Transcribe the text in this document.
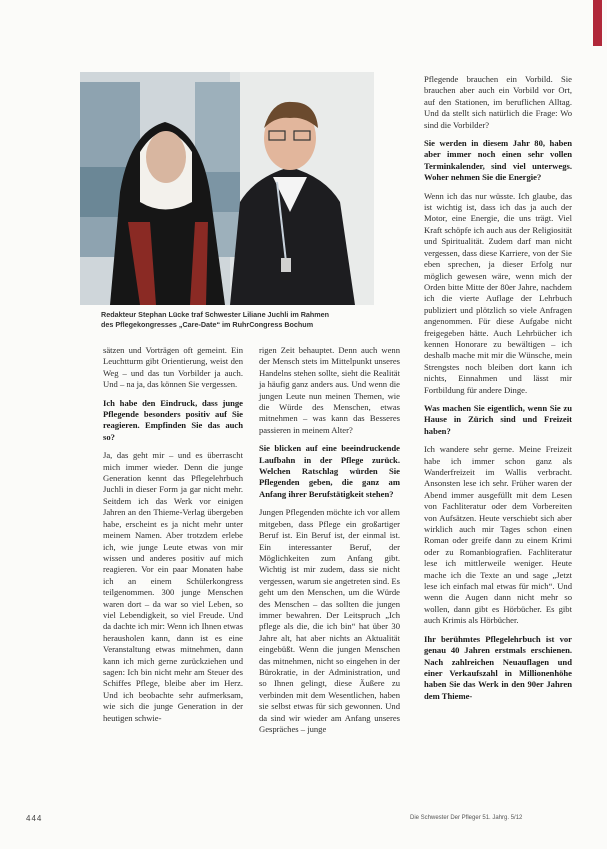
Redakteur Stephan Lücke traf Schwester Liliane Juchli im Rahmen
des Pflegekongresses „Care-Date“ im RuhrCongress Bochum

sätzen und Vorträgen oft gemeint. Ein Leuchtturm gibt Orientierung, weist den Weg – und das tun Vorbilder ja auch. Und – na ja, das können Sie vergessen.

Ich habe den Eindruck, dass junge Pflegende besonders positiv auf Sie reagieren. Empfinden Sie das auch so?

Ja, das geht mir – und es überrascht mich immer wieder. Denn die junge Generation kennt das Pflegelehrbuch Juchli in dieser Form ja gar nicht mehr. Seitdem ich das Werk vor einigen Jahren an den Thieme-Verlag übergeben habe, erscheint es ja nicht mehr unter meinem Namen. Aber trotzdem erlebe ich, wie junge Leute etwas von mir wissen und anderes positiv auf mich reagieren. Vor ein paar Monaten habe ich an einem Schülerkongress teilgenommen. 300 junge Menschen waren dort – da war so viel Leben, so viel Lebendigkeit, so viel Freude. Und da dachte ich mir: Wenn ich Ihnen etwas herausholen kann, dann ist es eine Veranstaltung etwas mitnehmen, dann kann ich mich gerne zurückziehen und sagen: Ich bin nicht mehr am Steuer des Schiffes Pflege, bleibe aber im Herz. Und ich beobachte sehr aufmerksam, wie sich die junge Generation in der heutigen schwie-

rigen Zeit behauptet. Denn auch wenn der Mensch stets im Mittelpunkt unseres Handelns stehen sollte, sieht die Realität ja häufig ganz anders aus. Und wenn die jungen Leute nun meinen Themen, wie die Würde des Menschen, etwas mitnehmen – was kann das Besseres passieren in meinem Alter?

Sie blicken auf eine beeindruckende Laufbahn in der Pflege zurück. Welchen Ratschlag würden Sie Pflegenden geben, die ganz am Anfang ihrer Berufstätigkeit stehen?

Jungen Pflegenden möchte ich vor allem mitgeben, dass Pflege ein großartiger Beruf ist. Ein Beruf ist, der einmal ist. Ein interessanter Beruf, der Möglichkeiten zum Anfang gibt. Wichtig ist mir zudem, dass sie nicht vergessen, warum sie angetreten sind. Es geht um den Menschen, um die Würde des Menschen – das sollten die jungen immer bewahren. Der Leitspruch „Ich pflege als die, die ich bin“ hat über 30 Jahre alt, hat aber nichts an Aktualität eingebüßt. Wenn die jungen Menschen das mitnehmen, nicht so eingehen in der Bürokratie, in der Administration, und so Ihnen gelingt, diese Äußere zu verbinden mit dem Wesentlichen, haben sie selbst etwas für sich gewonnen. Und da sind wir wieder am Anfang unseres Gespräches – junge

Pflegende brauchen ein Vorbild. Sie brauchen aber auch ein Vorbild vor Ort, auf den Stationen, im beruflichen Alltag. Und da stellt sich natürlich die Frage: Wo sind die Vorbilder?

Sie werden in diesem Jahr 80, haben aber immer noch einen sehr vollen Terminkalender, sind viel unterwegs. Woher nehmen Sie die Energie?

Wenn ich das nur wüsste. Ich glaube, das ist wichtig ist, dass ich das ja auch der Motor, eine Energie, die uns trägt. Viel Kraft schöpfe ich auch aus der Religiosität und Spiritualität. Zudem darf man nicht vergessen, dass diese Karriere, von der Sie eben sprechen, ja dieser Erfolg nur möglich gewesen wäre, wenn mich der Orden bitte Mitte der 80er Jahre, nachdem ich die vierte Auflage der Lehrbuch publiziert und plötzlich so viele Anfragen angenommen. Für diese Aufgabe nicht freigegeben hätte. Auch Lehrbücher ich kennen Honorare zu bewältigen – ich deshalb mache mit mir die Wünsche, mein Strengstes noch bleiben dort kann ich nichts, Einnahmen und lässt mir Fortbildung für andere Dinge.

Was machen Sie eigentlich, wenn Sie zu Hause in Zürich sind und Freizeit haben?

Ich wandere sehr gerne. Meine Freizeit habe ich immer schon ganz als Wanderfreizeit im Wallis verbracht. Ansonsten lese ich sehr. Früher waren der Abend immer ausgefüllt mit dem Lesen von Fachliteratur oder dem Vorbereiten von Aufsätzen. Heute verschiebt sich aber wirklich auch mir Tages schon einen Roman oder greife dann zu einem Krimi oder zu Romanbiografien. Fachliteratur lese ich mittlerweile weniger. Heute mache ich die Texte an und sage „Jetzt lese ich einfach mal etwas für mich“. Und wenn die Augen dann nicht mehr so wollen, dann gibt es Hörbücher. Es gibt auch Krimis als Hörbücher.

Ihr berühmtes Pflegelehrbuch ist vor genau 40 Jahren erstmals erschienen. Nach zahlreichen Neuauflagen und einer Verkaufszahl in Millionenhöhe haben Sie das Werk in den 90er Jahren dem Thieme-

444	Die Schwester Der Pfleger 51. Jahrg. 5/12
